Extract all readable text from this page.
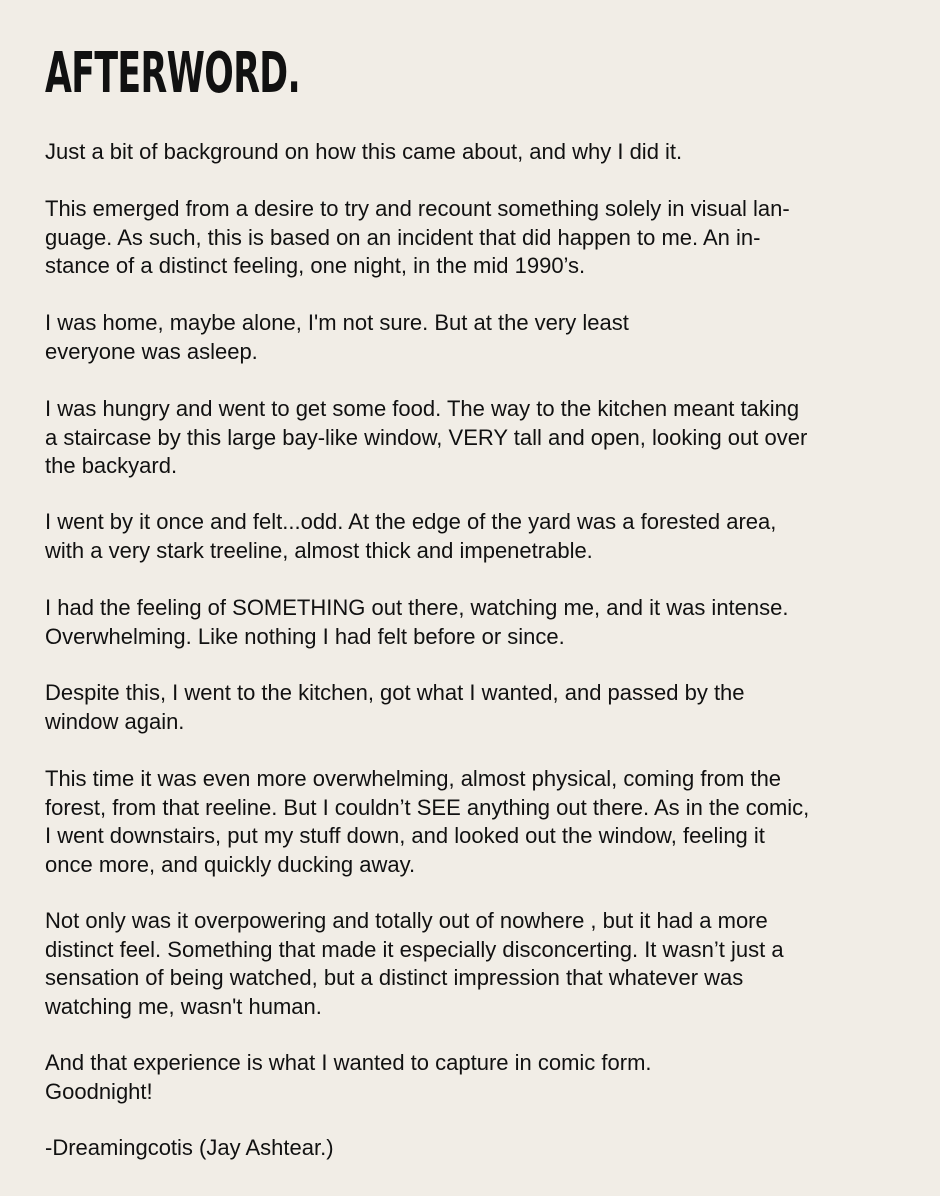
AFTERWORD.

Just a bit of background on how this came about, and why I did it.

This emerged from a desire to try and recount something solely in visual lan-
guage. As such, this is based on an incident that did happen to me. An in-
stance of a distinct feeling, one night, in the mid 1990’s.

I was home, maybe alone, I'm not sure. But at the very least
everyone was asleep.

I was hungry and went to get some food. The way to the kitchen meant taking
a staircase by this large bay-like window, VERY tall and open, looking out over
the backyard.

I went by it once and felt...odd. At the edge of the yard was a forested area,
with a very stark treeline, almost thick and impenetrable.

I had the feeling of SOMETHING out there, watching me, and it was intense.
Overwhelming. Like nothing I had felt before or since.

Despite this, I went to the kitchen, got what I wanted, and passed by the
window again.

This time it was even more overwhelming, almost physical, coming from the
forest, from that reeline. But I couldn’t SEE anything out there. As in the comic,
I went downstairs, put my stuff down, and looked out the window, feeling it
once more, and quickly ducking away.

Not only was it overpowering and totally out of nowhere , but it had a more
distinct feel. Something that made it especially disconcerting. It wasn’t just a
sensation of being watched, but a distinct impression that whatever was
watching me, wasn't human.

And that experience is what I wanted to capture in comic form.
Goodnight!

-Dreamingcotis (Jay Ashtear.)
